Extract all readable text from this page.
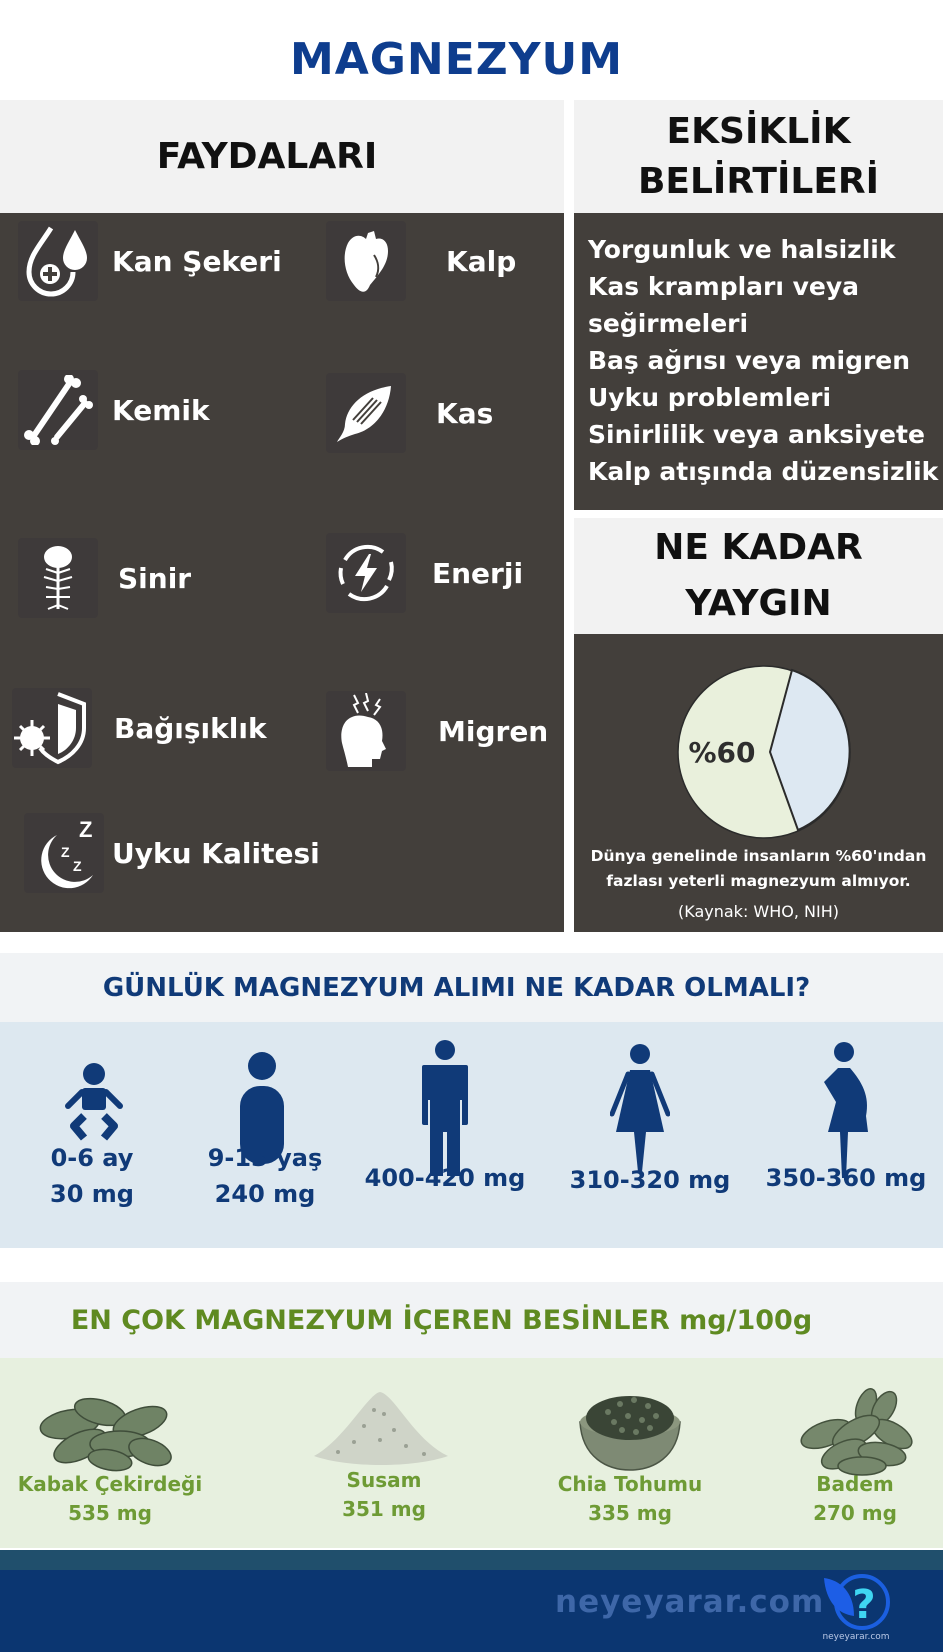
MAGNEZYUM
FAYDALARI
EKSİKLİK
BELİRTİLERİ
Kan Şekeri	Kalp
Kemik	Kas
Sinir	Enerji
Bağışıklık	Migren
Z
Z
Z Uyku Kalitesi
Yorgunluk ve halsizlik
Kas krampları veya
seğirmeleri
Baş ağrısı veya migren
Uyku problemleri
Sinirlilik veya anksiyete
Kalp atışında düzensizlik
NE KADAR
YAYGIN
%60
Dünya genelinde insanların %60'ından
fazlası yeterli magnezyum almıyor.
(Kaynak: WHO, NIH)
GÜNLÜK MAGNEZYUM ALIMI NE KADAR OLMALI?
0-6 ay
30 mg
9-13 yaş
240 mg
400-420 mg 310-320 mg 350-360 mg
EN ÇOK MAGNEZYUM İÇEREN BESİNLER mg/100g
Kabak Çekirdeği
535 mg
Susam
351 mg
Chia Tohumu
335 mg
Badem
270 mg
neyeyarar.com ?
neyeyarar.com
